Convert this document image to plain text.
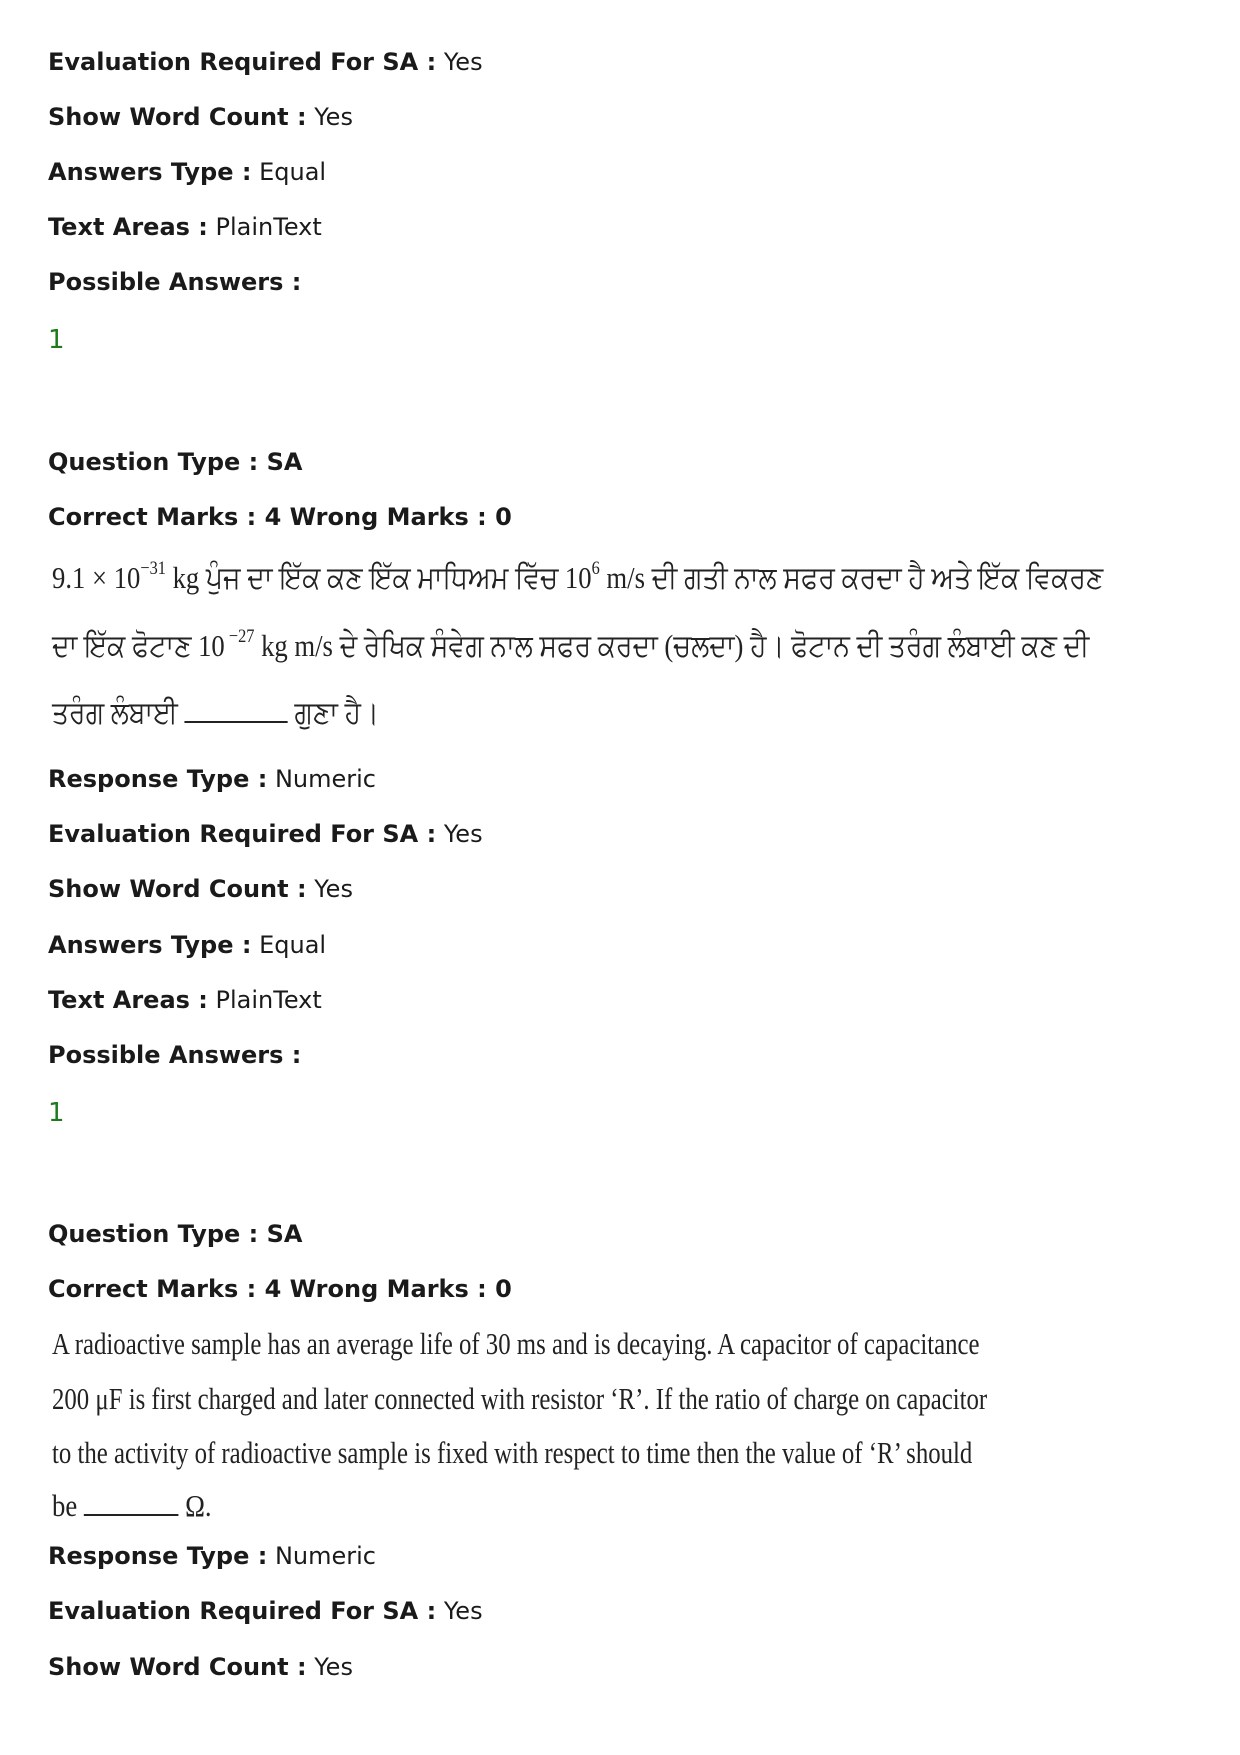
Evaluation Required For SA : Yes
Show Word Count : Yes
Answers Type : Equal
Text Areas : PlainText
Possible Answers :
1
Question Type : SA
Correct Marks : 4 Wrong Marks : 0
$9.1 \times 10^{-31}$ kg ਪੁੰਜ ਦਾ ਇੱਕ ਕਣ ਇੱਕ ਮਾਧਿਅਮ ਵਿੱਚ $10^6$ m/s ਦੀ ਗਤੀ ਨਾਲ ਸਫਰ ਕਰਦਾ ਹੈ ਅਤੇ ਇੱਕ ਵਿਕਰਣ
ਦਾ ਇੱਕ ਫੋਟਾਣ 10 $^{-27}$ kg m/s ਦੇ ਰੇਖਿਕ ਸੰਵੇਗ ਨਾਲ ਸਫਰ ਕਰਦਾ (ਚਲਦਾ) ਹੈ। ਫੋਟਾਨ ਦੀ ਤਰੰਗ ਲੰਬਾਈ ਕਣ ਦੀ
ਤਰੰਗ ਲੰਬਾਈ	ਗੁਣਾ ਹੈ।
Response Type : Numeric
Evaluation Required For SA : Yes
Show Word Count : Yes
Answers Type : Equal
Text Areas : PlainText
Possible Answers :
1
Question Type : SA
Correct Marks : 4 Wrong Marks : 0
A radioactive sample has an average life of 30 ms and is decaying. A capacitor of capacitance
200 μF is first charged and later connected with resistor ‘R’. If the ratio of charge on capacitor
to the activity of radioactive sample is fixed with respect to time then the value of ‘R’ should
be	Ω.
Response Type : Numeric
Evaluation Required For SA : Yes
Show Word Count : Yes
